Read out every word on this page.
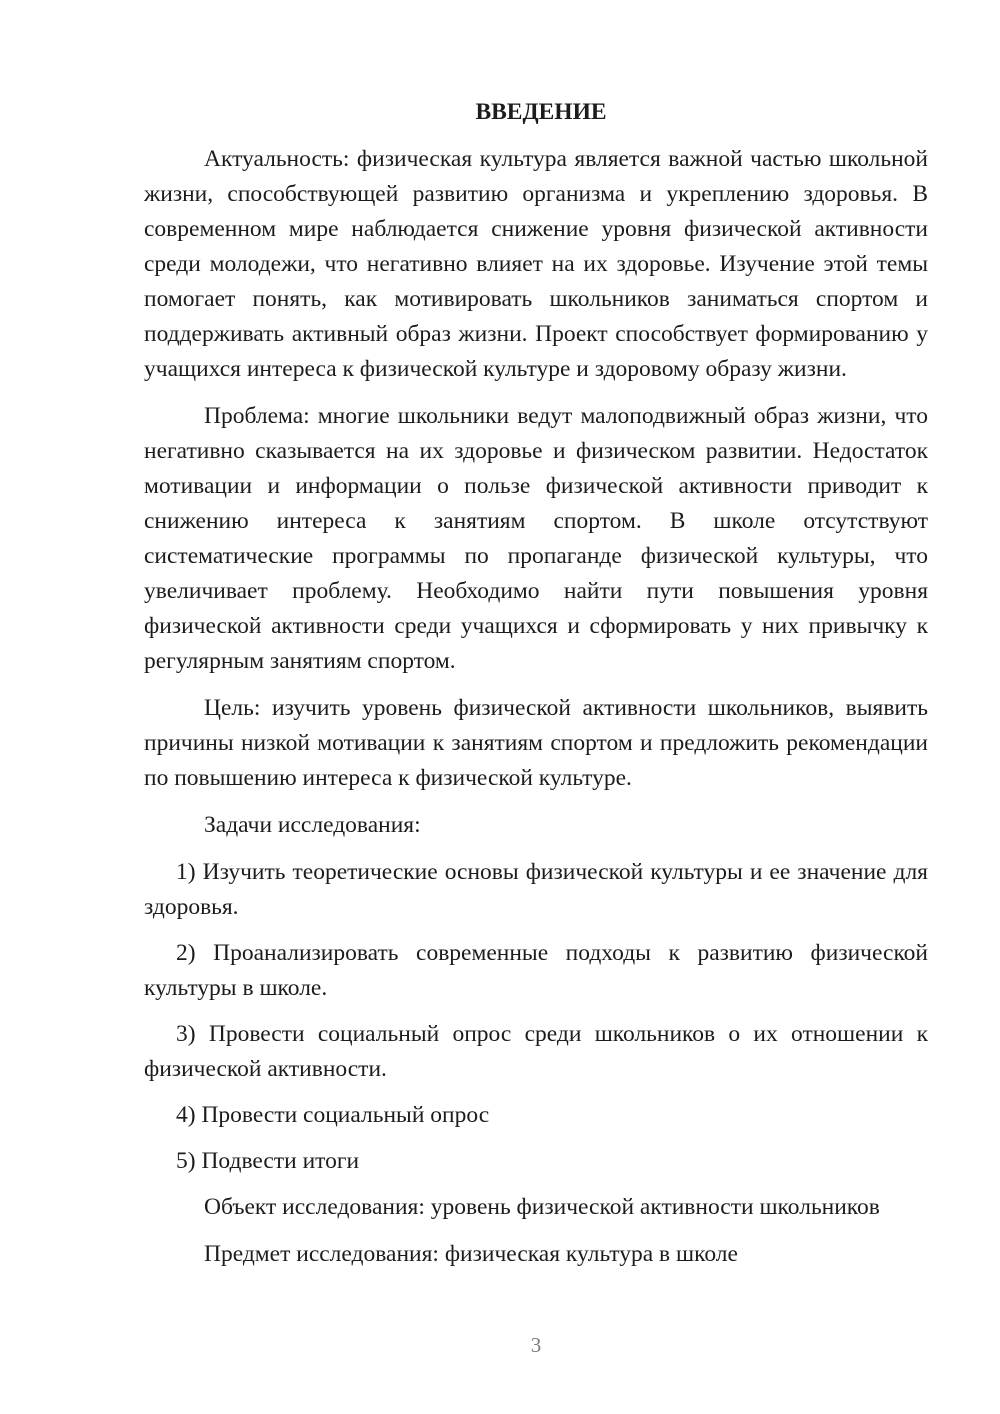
ВВЕДЕНИЕ

Актуальность: физическая культура является важной частью школьной жизни, способствующей развитию организма и укреплению здоровья. В современном мире наблюдается снижение уровня физической активности среди молодежи, что негативно влияет на их здоровье. Изучение этой темы помогает понять, как мотивировать школьников заниматься спортом и поддерживать активный образ жизни. Проект способствует формированию у учащихся интереса к физической культуре и здоровому образу жизни.

Проблема: многие школьники ведут малоподвижный образ жизни, что негативно сказывается на их здоровье и физическом развитии. Недостаток мотивации и информации о пользе физической активности приводит к снижению интереса к занятиям спортом. В школе отсутствуют систематические программы по пропаганде физической культуры, что увеличивает проблему. Необходимо найти пути повышения уровня физической активности среди учащихся и сформировать у них привычку к регулярным занятиям спортом.

Цель: изучить уровень физической активности школьников, выявить причины низкой мотивации к занятиям спортом и предложить рекомендации по повышению интереса к физической культуре.

Задачи исследования:

1) Изучить теоретические основы физической культуры и ее значение для здоровья.

2) Проанализировать современные подходы к развитию физической культуры в школе.

3) Провести социальный опрос среди школьников о их отношении к физической активности.

4) Провести социальный опрос

5) Подвести итоги

Объект исследования: уровень физической активности школьников

Предмет исследования: физическая культура в школе

3
